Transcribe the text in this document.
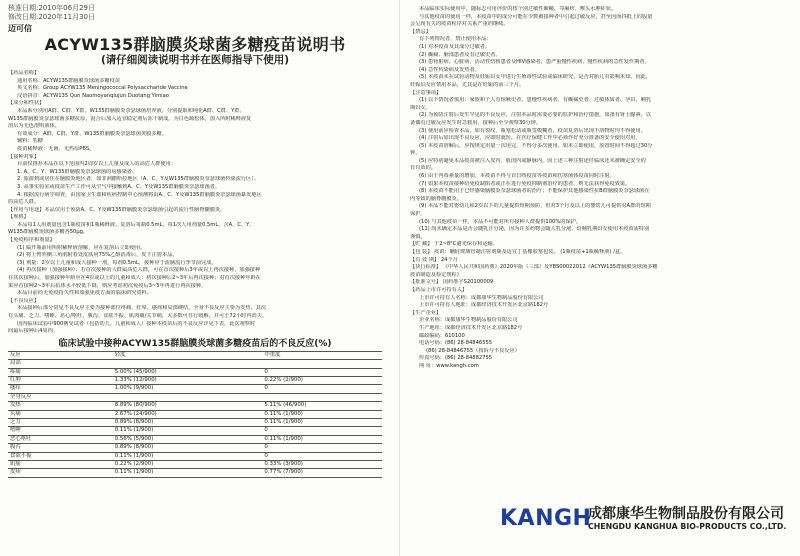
核准日期:2010年06月29日
修改日期:2020年11月30日
迈可信
ACYW135群脑膜炎球菌多糖疫苗说明书
(请仔细阅读说明书并在医师指导下使用)
【药品名称】
通用名称：ACYW135群脑膜炎球菌多糖疫苗
英文名称：Group ACYW135 Meningococcal Polysaccharide Vaccine
汉语拼音：ACYW135 Qun Naomoyanqiujun Duotang Yimiao
【成分和性状】
本品系分别用A群、C群、Y群、W135群脑膜炎奈瑟球菌培养液，分别提取和纯化A群、C群、Y群、
W135群脑膜炎奈瑟球菌多糖抗原，混合后加入适宜稳定剂后冻干制成。为白色疏松体，加入所附稀释液复
溶后为无色澄明液体。
有效成分：A群、C群、Y群、W135群脑膜炎奈瑟球菌荚膜多糖。
辅料：乳糖
疫苗稀释液：无菌、无热原PBS。
【接种对象】
目前仅推荐本品在以下范围内2周岁以上儿童及成人的高危人群使用：
1. A、C、Y、W135群脑膜炎奈瑟球菌的易感染者。
2. 旅游到或居住在脑膜炎地区者，如非洲撒哈拉地区（A、C、Y及W135群脑膜炎奈瑟球菌传染流行区）。
3. 从事实验室或疫苗生产工作可从空气中接触到A、C、Y及W135群脑膜炎奈瑟球菌者。
4. 根据流行病学调查，由国家卫生部和疾病控制中心预测将由A、C、Y及W135群脑膜炎奈瑟球菌暴发地区
的高危人群。
【作用与用途】本品仅用于预防A、C、Y及W135群脑膜炎奈瑟球菌引起的流行性脑脊髓膜炎。
【规格】
本品每1人用剂量包含1瓶疫苗和1瓶稀释液。复溶后每瓶0.5mL，每1次人用剂量0.5mL，含A、C、Y、
W135群脑膜炎球菌多糖各50μg。
【免疫程序和剂量】
(1) 临开瓶前用所附稀释液溶解，应在复溶后立即使用。
(2) 将上臂外侧三角肌附着处皮肤用75%乙醇消毒后，皮下注射本品。
(3) 剂量：2岁以上儿童和成人接种一剂，每剂0.5mL，接种应于流脑流行季节前完成。
(4) 再次接种（加强接种）：若首次接种的人群属高危人群，可在首次接种后3年或以上再次接种，加强接种
在其次接种后，加强接种年龄应在4岁或以上的儿童和成人：初次接种后2~3年后再次接种；对首次接种年龄在
果应首接种2~3年后抗体水平较低下降，则应考虑初次免疫后3~5年再进行再次接种。
本品目前尚无免疫持久性和加强免疫方面的临床研究资料。
【不良反应】
本品接种后部分常见不良反应主要为接种部位疼痛、红晕、瘙痒和局部硬结，全身不良反应主要为发热，其次
有头痛、乏力、嗜睡、恶心/呕吐、腹泻、食欲不振、肌肉痛/关节痛，大多数可自行缓解，并可于72小时内消失。
国内临床试验中900例受试者（包括幼儿、儿童和成人）接种本疫苗后的不良反应详见下表，此次观察时
间最后接种后4周内。
临床试验中接种ACYW135群脑膜炎球菌多糖疫苗后的不良反应(%)
反应	轻度	中重度
局部		
疼痛	5.00% (45/900)	0
红肿	1.33% (12/900)	0.22% (2/900)
瘙痒	1.00% (9/900)	0
全身反应		
发热	8.89% (80/900)	5.11% (46/900)
头痛	2.67% (24/900)	0.11% (1/900)
乏力	0.89% (8/900)	0.11% (1/900)
嗜睡	0.11% (1/900)	0
恶心呕吐	0.56% (5/900)	0.11% (1/900)
腹泻	0.89% (8/900)	0
食欲不振	0.11% (1/900)	0
肌痛	0.22% (2/900)	0.33% (3/900)
皮疹	0.11% (1/900)	0.77% (7/900)
本品临床实际使用中，随标志可用评价的按个别过敏性紫癜、荨麻疹、喉头水肿症状。
与其他疫苗的使用一样，本疫苗中的成分可能在少数被接种者中引起过敏反应，甚至因而抖抵上的股量
会呈现有关的疫苗程序对关系严重的继续。
【禁忌】
有下列情况者，禁止使用本品：
(1) 对本疫苗及其成分过敏者。
(2) 癫痫、脑部患者及有过敏史者。
(3) 患肾脏病、心脏病、活动性结核患者及HIV感染者，患严重慢性疾病、慢性疾病的急性发作期者。
(4) 急性传染病及发热者。
(5) 本疫苗未在试验动物及妊娠妇女中进行生殖毒性试验或临床研究，是否对胎儿有影响未知，因此，
妊娠妇女应禁用本品，尤其是在妊娠的前三个月。
【注意事项】
(1) 以下情况者慎用：家族和个人有惊厥史者、患慢性疾病者、有癫痫史者、过敏体质者、孕妇、哺乳
期妇女。
(2) 为预防注射后发生罕见的不良反应，注射本品时需要必要的监护和治疗措施，如备有肾上腺素，以
备偶有过敏反应发生时急救用。接种后至少观察30分钟。
(3) 使用前应检查本品，如有裂纹、瓶塞松动或瓶签模糊者，疫苗复溶后出现不溶物时均不得使用。
(4) 注射后如出现不良反应，应即时就医，在医疗保健工作中必须作好充分准备的安全使用对用。
(5) 本疫苗溶解后，应按规定用量一次用完，不得分多次使用。如未立即使用，放置时间不得超过30分
钟。
(5) 应特别避免本品疫苗被注入皮内、肌肉内或静脉内，因上述三种注射途径临床还未被确定安全的
有有效的。
(6) 由于内毒素量的增加，本疫苗不得与百日咳疫苗等疫苗和伤寒菌体疫苗同时注射。
(7) 如果本疫苗接种给免疫缺陷者或正在进行免疫抑制剂治疗的患者，则无法获得免疫效果。
(8) 本疫苗不能用于已经感染脑膜炎奈瑟球菌者的治疗；不能保护其他感染性抗B群脑膜炎奈瑟球菌在
内等致的脑脊髓膜炎。
(9) 本品不能对婴幼儿和2岁以下的儿童提供短期预防，但对3个月及以上的婴幼儿可提供对A群的短期
保护。
(10) 与其他疫苗一样，本品不可能对所有接种人群提供100%的保护。
(11) 尚未确定本品是否会随乳汁分泌，因为许多药物会随人乳分泌，给哺乳期妇女使用本疫苗需特别
谨慎。
【贮 藏】 于2~8°C避光保存和运输。
【包 装】 疫苗：硼硅玻璃管制注射剂瓶及适宜丁基橡胶塞包装。 (1瓶疫苗+1瓶稀释液) /盒。
【有 效 期】 24个月
【执行标准】 《中华人民共和国药典》2020年版（三部）及YBS00022012《ACYW135群脑膜炎球菌多糖
疫苗制造及检定规程》
【批准文号】 国药准字S20100009
【药品上市许可持有人】
上市许可持有人名称：成都康华生物制品股份有限公司
上市许可持有人地址：成都经济技术开发区北京路182号
【生产企业】
企业名称：成都康华生物制品股份有限公司
生产地址：成都经济技术开发区北京路182号
邮政编码：610100
电话号码：(86) 28-84846555
(86) 28-84846755（按诉与不良反应）
传真号码：(86) 28-84882755
网 址：www.kangh.com
KANGH
成都康华生物制品股份有限公司
CHENGDU KANGHUA BIO-PRODUCTS CO.,LTD.
